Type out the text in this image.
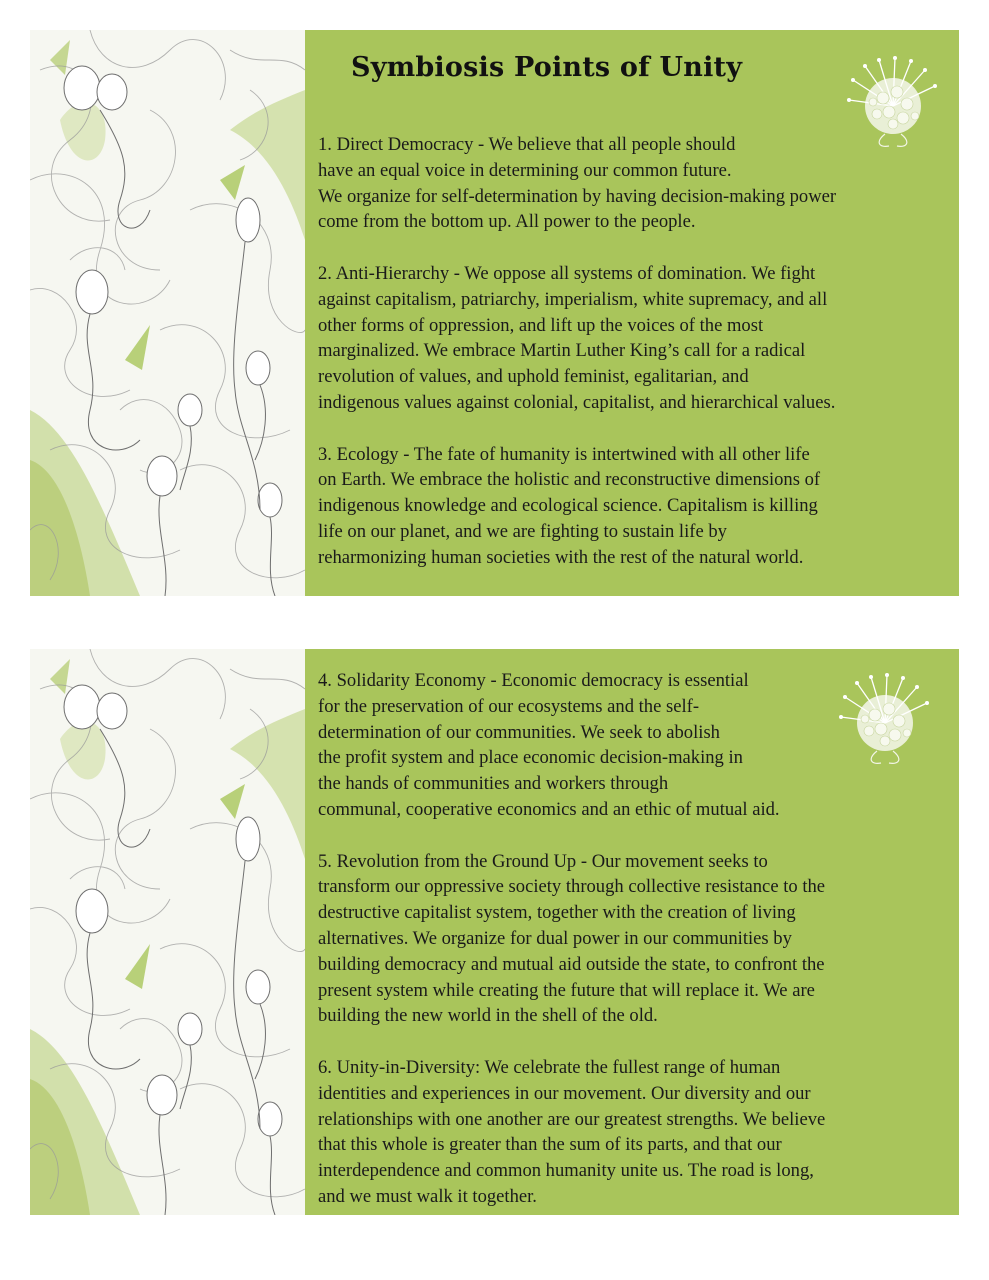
Symbiosis Points of Unity

1. Direct Democracy - We believe that all people should
have an equal voice in determining our common future.
We organize for self-determination by having decision-making power
come from the bottom up. All power to the people.

2. Anti-Hierarchy - We oppose all systems of domination. We fight
against capitalism, patriarchy, imperialism, white supremacy, and all
other forms of oppression, and lift up the voices of the most
marginalized. We embrace Martin Luther King’s call for a radical
revolution of values, and uphold feminist, egalitarian, and
indigenous values against colonial, capitalist, and hierarchical values.

3. Ecology - The fate of humanity is intertwined with all other life
on Earth. We embrace the holistic and reconstructive dimensions of
indigenous knowledge and ecological science. Capitalism is killing
life on our planet, and we are fighting to sustain life by
reharmonizing human societies with the rest of the natural world.

4. Solidarity Economy - Economic democracy is essential
for the preservation of our ecosystems and the self-
determination of our communities. We seek to abolish
the profit system and place economic decision-making in
the hands of communities and workers through
communal, cooperative economics and an ethic of mutual aid.

5. Revolution from the Ground Up - Our movement seeks to
transform our oppressive society through collective resistance to the
destructive capitalist system, together with the creation of living
alternatives. We organize for dual power in our communities by
building democracy and mutual aid outside the state, to confront the
present system while creating the future that will replace it. We are
building the new world in the shell of the old.

6. Unity-in-Diversity: We celebrate the fullest range of human
identities and experiences in our movement. Our diversity and our
relationships with one another are our greatest strengths. We believe
that this whole is greater than the sum of its parts, and that our
interdependence and common humanity unite us. The road is long,
and we must walk it together.
